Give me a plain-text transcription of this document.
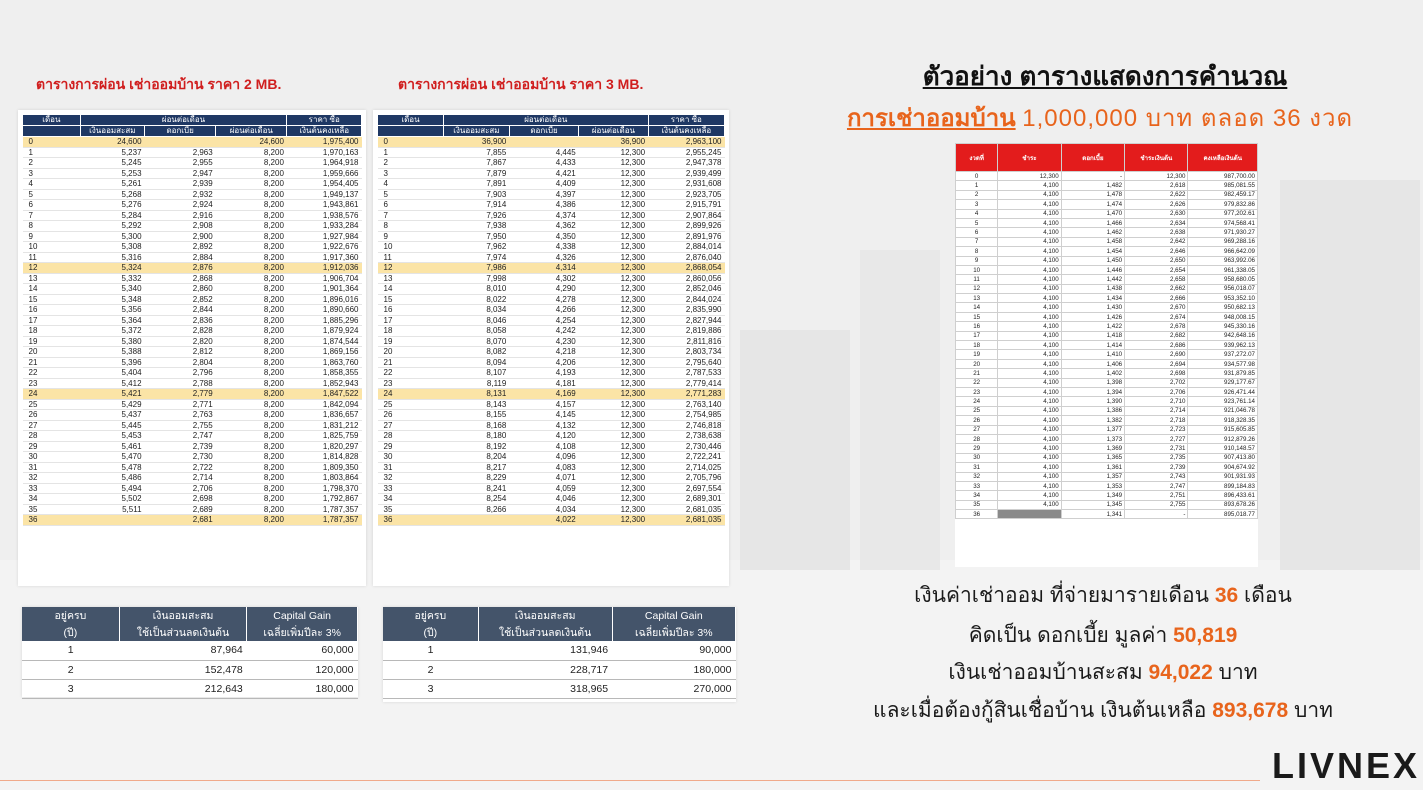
ตารางการผ่อน เช่าออมบ้าน ราคา 2 MB.
เดือน	ผ่อนต่อเดือน			ราคา ซื้อ
	เงินออมสะสม	ดอกเบี้ย	ผ่อนต่อเดือน	เงินต้นคงเหลือ
0	24,600		24,600	1,975,400
1	5,237	2,963	8,200	1,970,163
2	5,245	2,955	8,200	1,964,918
3	5,253	2,947	8,200	1,959,666
4	5,261	2,939	8,200	1,954,405
5	5,268	2,932	8,200	1,949,137
6	5,276	2,924	8,200	1,943,861
7	5,284	2,916	8,200	1,938,576
8	5,292	2,908	8,200	1,933,284
9	5,300	2,900	8,200	1,927,984
10	5,308	2,892	8,200	1,922,676
11	5,316	2,884	8,200	1,917,360
12	5,324	2,876	8,200	1,912,036
13	5,332	2,868	8,200	1,906,704
14	5,340	2,860	8,200	1,901,364
15	5,348	2,852	8,200	1,896,016
16	5,356	2,844	8,200	1,890,660
17	5,364	2,836	8,200	1,885,296
18	5,372	2,828	8,200	1,879,924
19	5,380	2,820	8,200	1,874,544
20	5,388	2,812	8,200	1,869,156
21	5,396	2,804	8,200	1,863,760
22	5,404	2,796	8,200	1,858,355
23	5,412	2,788	8,200	1,852,943
24	5,421	2,779	8,200	1,847,522
25	5,429	2,771	8,200	1,842,094
26	5,437	2,763	8,200	1,836,657
27	5,445	2,755	8,200	1,831,212
28	5,453	2,747	8,200	1,825,759
29	5,461	2,739	8,200	1,820,297
30	5,470	2,730	8,200	1,814,828
31	5,478	2,722	8,200	1,809,350
32	5,486	2,714	8,200	1,803,864
33	5,494	2,706	8,200	1,798,370
34	5,502	2,698	8,200	1,792,867
35	5,511	2,689	8,200	1,787,357
36		2,681	8,200	1,787,357
ตารางการผ่อน เช่าออมบ้าน ราคา 3 MB.
เดือน	ผ่อนต่อเดือน			ราคา ซื้อ
	เงินออมสะสม	ดอกเบี้ย	ผ่อนต่อเดือน	เงินต้นคงเหลือ
0	36,900		36,900	2,963,100
1	7,855	4,445	12,300	2,955,245
2	7,867	4,433	12,300	2,947,378
3	7,879	4,421	12,300	2,939,499
4	7,891	4,409	12,300	2,931,608
5	7,903	4,397	12,300	2,923,705
6	7,914	4,386	12,300	2,915,791
7	7,926	4,374	12,300	2,907,864
8	7,938	4,362	12,300	2,899,926
9	7,950	4,350	12,300	2,891,976
10	7,962	4,338	12,300	2,884,014
11	7,974	4,326	12,300	2,876,040
12	7,986	4,314	12,300	2,868,054
13	7,998	4,302	12,300	2,860,056
14	8,010	4,290	12,300	2,852,046
15	8,022	4,278	12,300	2,844,024
16	8,034	4,266	12,300	2,835,990
17	8,046	4,254	12,300	2,827,944
18	8,058	4,242	12,300	2,819,886
19	8,070	4,230	12,300	2,811,816
20	8,082	4,218	12,300	2,803,734
21	8,094	4,206	12,300	2,795,640
22	8,107	4,193	12,300	2,787,533
23	8,119	4,181	12,300	2,779,414
24	8,131	4,169	12,300	2,771,283
25	8,143	4,157	12,300	2,763,140
26	8,155	4,145	12,300	2,754,985
27	8,168	4,132	12,300	2,746,818
28	8,180	4,120	12,300	2,738,638
29	8,192	4,108	12,300	2,730,446
30	8,204	4,096	12,300	2,722,241
31	8,217	4,083	12,300	2,714,025
32	8,229	4,071	12,300	2,705,796
33	8,241	4,059	12,300	2,697,554
34	8,254	4,046	12,300	2,689,301
35	8,266	4,034	12,300	2,681,035
36		4,022	12,300	2,681,035
อยู่ครบ	เงินออมสะสม	Capital Gain
(ปี)	ใช้เป็นส่วนลดเงินต้น	เฉลี่ยเพิ่มปีละ 3%
1	87,964	60,000
2	152,478	120,000
3	212,643	180,000
อยู่ครบ	เงินออมสะสม	Capital Gain
(ปี)	ใช้เป็นส่วนลดเงินต้น	เฉลี่ยเพิ่มปีละ 3%
1	131,946	90,000
2	228,717	180,000
3	318,965	270,000
ตัวอย่าง ตารางแสดงการคำนวณ
การเช่าออมบ้าน 1,000,000 บาท ตลอด 36 งวด
งวดที่	ชำระ	ดอกเบี้ย	ชำระเงินต้น	คงเหลือเงินต้น
0	12,300	-	12,300	987,700.00
1	4,100	1,482	2,618	985,081.55
2	4,100	1,478	2,622	982,459.17
3	4,100	1,474	2,626	979,832.86
4	4,100	1,470	2,630	977,202.61
5	4,100	1,466	2,634	974,568.41
6	4,100	1,462	2,638	971,930.27
7	4,100	1,458	2,642	969,288.16
8	4,100	1,454	2,646	966,642.09
9	4,100	1,450	2,650	963,992.06
10	4,100	1,446	2,654	961,338.05
11	4,100	1,442	2,658	958,680.05
12	4,100	1,438	2,662	956,018.07
13	4,100	1,434	2,666	953,352.10
14	4,100	1,430	2,670	950,682.13
15	4,100	1,426	2,674	948,008.15
16	4,100	1,422	2,678	945,330.16
17	4,100	1,418	2,682	942,648.16
18	4,100	1,414	2,686	939,962.13
19	4,100	1,410	2,690	937,272.07
20	4,100	1,406	2,694	934,577.98
21	4,100	1,402	2,698	931,879.85
22	4,100	1,398	2,702	929,177.67
23	4,100	1,394	2,706	926,471.44
24	4,100	1,390	2,710	923,761.14
25	4,100	1,386	2,714	921,046.78
26	4,100	1,382	2,718	918,328.35
27	4,100	1,377	2,723	915,605.85
28	4,100	1,373	2,727	912,879.26
29	4,100	1,369	2,731	910,148.57
30	4,100	1,365	2,735	907,413.80
31	4,100	1,361	2,739	904,674.92
32	4,100	1,357	2,743	901,931.93
33	4,100	1,353	2,747	899,184.83
34	4,100	1,349	2,751	896,433.61
35	4,100	1,345	2,755	893,678.26
36		1,341	-	895,018.77
เงินค่าเช่าออม ที่จ่ายมารายเดือน 36 เดือน
คิดเป็น ดอกเบี้ย มูลค่า 50,819
เงินเช่าออมบ้านสะสม 94,022 บาท
และเมื่อต้องกู้สินเชื่อบ้าน เงินต้นเหลือ 893,678 บาท
LIVNEX
